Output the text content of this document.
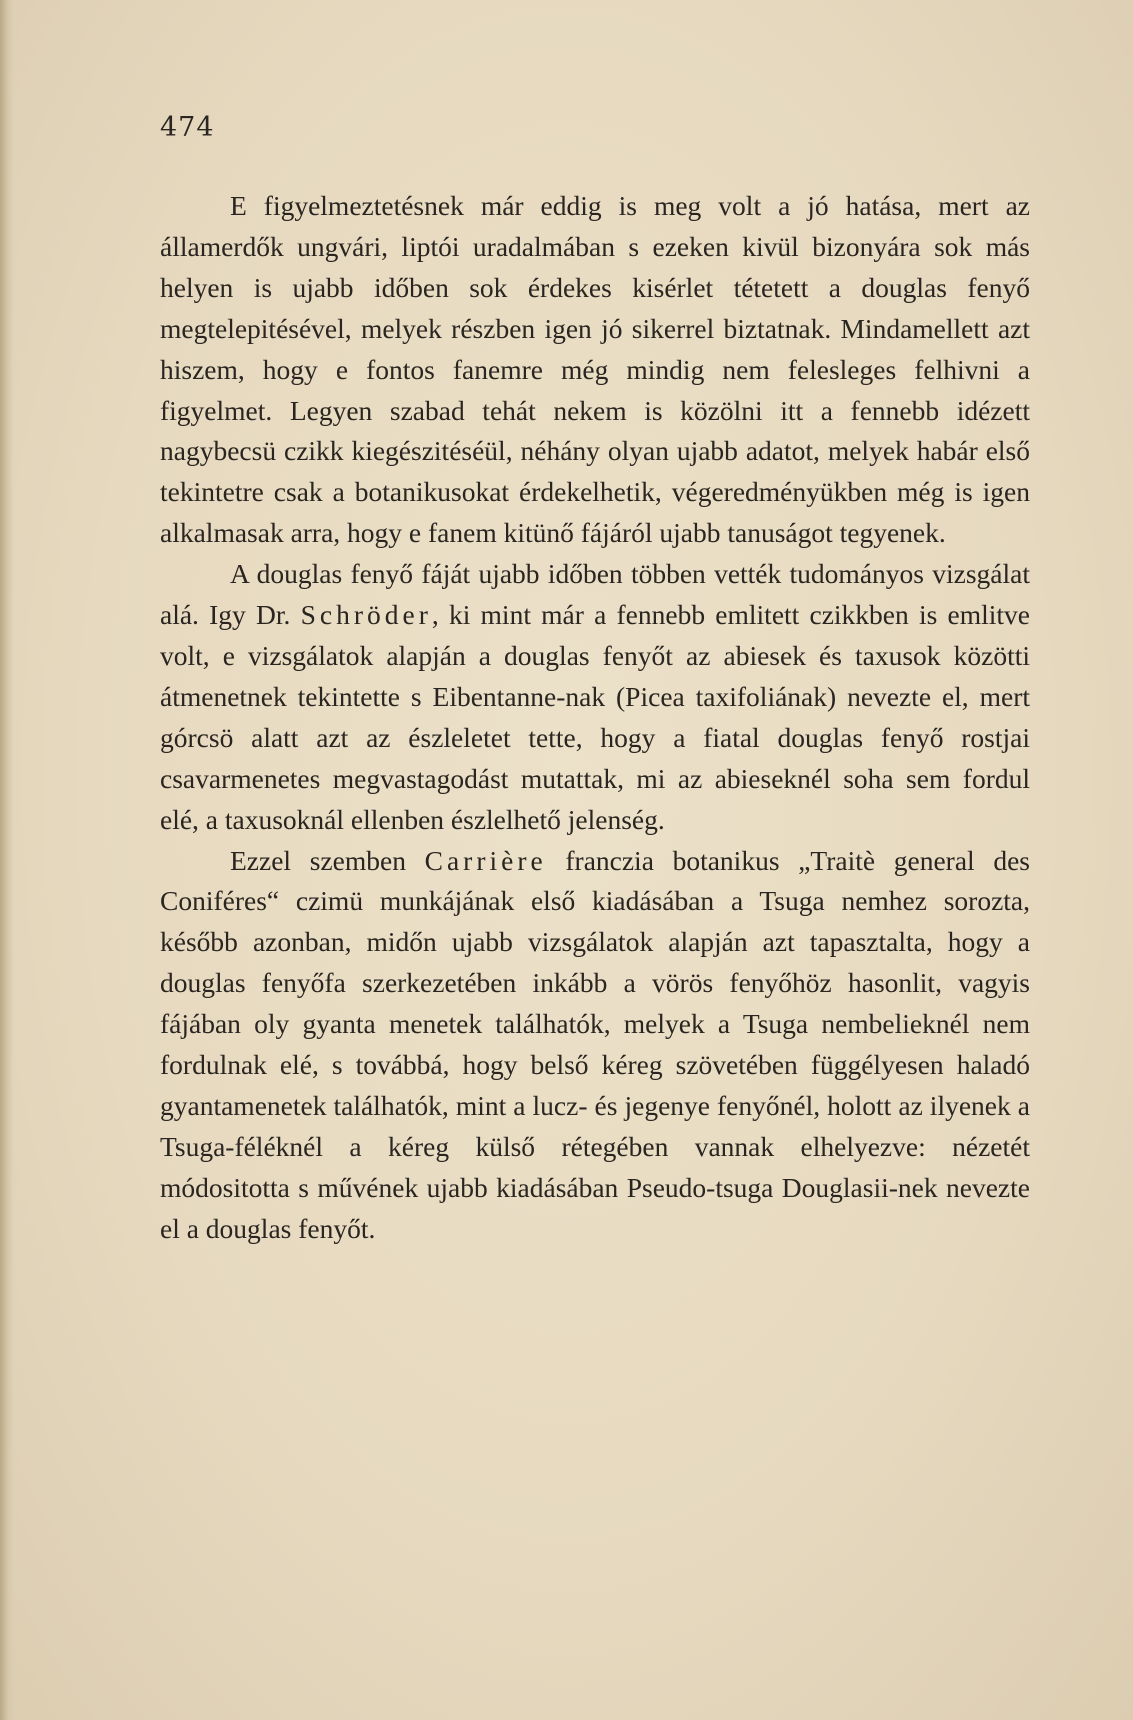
474

E figyelmeztetésnek már eddig is meg volt a jó hatása, mert az államerdők ungvári, liptói uradalmában s ezeken kivül bizonyára sok más helyen is ujabb időben sok érdekes kisérlet tétetett a douglas fenyő megtelepitésével, melyek részben igen jó sikerrel biztatnak. Mindamellett azt hiszem, hogy e fontos fanemre még mindig nem felesleges felhivni a figyelmet. Legyen szabad tehát nekem is közölni itt a fennebb idézett nagybecsü czikk kiegészitéséül, néhány olyan ujabb adatot, melyek habár első tekintetre csak a botanikusokat érdekelhetik, végeredményükben még is igen alkalmasak arra, hogy e fanem kitünő fájáról ujabb tanuságot tegyenek.

A douglas fenyő fáját ujabb időben többen vették tudományos vizsgálat alá. Igy Dr. Schröder, ki mint már a fennebb emlitett czikkben is emlitve volt, e vizsgálatok alapján a douglas fenyőt az abiesek és taxusok közötti átmenetnek tekintette s Eibentanne-nak (Picea taxifoliának) nevezte el, mert górcsö alatt azt az észleletet tette, hogy a fiatal douglas fenyő rostjai csavarmenetes megvastagodást mutattak, mi az abieseknél soha sem fordul elé, a taxusoknál ellenben észlelhető jelenség.

Ezzel szemben Carrière franczia botanikus „Traitè general des Coniféres“ czimü munkájának első kiadásában a Tsuga nemhez sorozta, később azonban, midőn ujabb vizsgálatok alapján azt tapasztalta, hogy a douglas fenyőfa szerkezetében inkább a vörös fenyőhöz hasonlit, vagyis fájában oly gyanta menetek találhatók, melyek a Tsuga nembelieknél nem fordulnak elé, s továbbá, hogy belső kéreg szövetében függélyesen haladó gyantamenetek találhatók, mint a lucz- és jegenye fenyőnél, holott az ilyenek a Tsuga-féléknél a kéreg külső rétegében vannak elhelyezve: nézetét módositotta s művének ujabb kiadásában Pseudo-tsuga Douglasii-nek nevezte el a douglas fenyőt.
